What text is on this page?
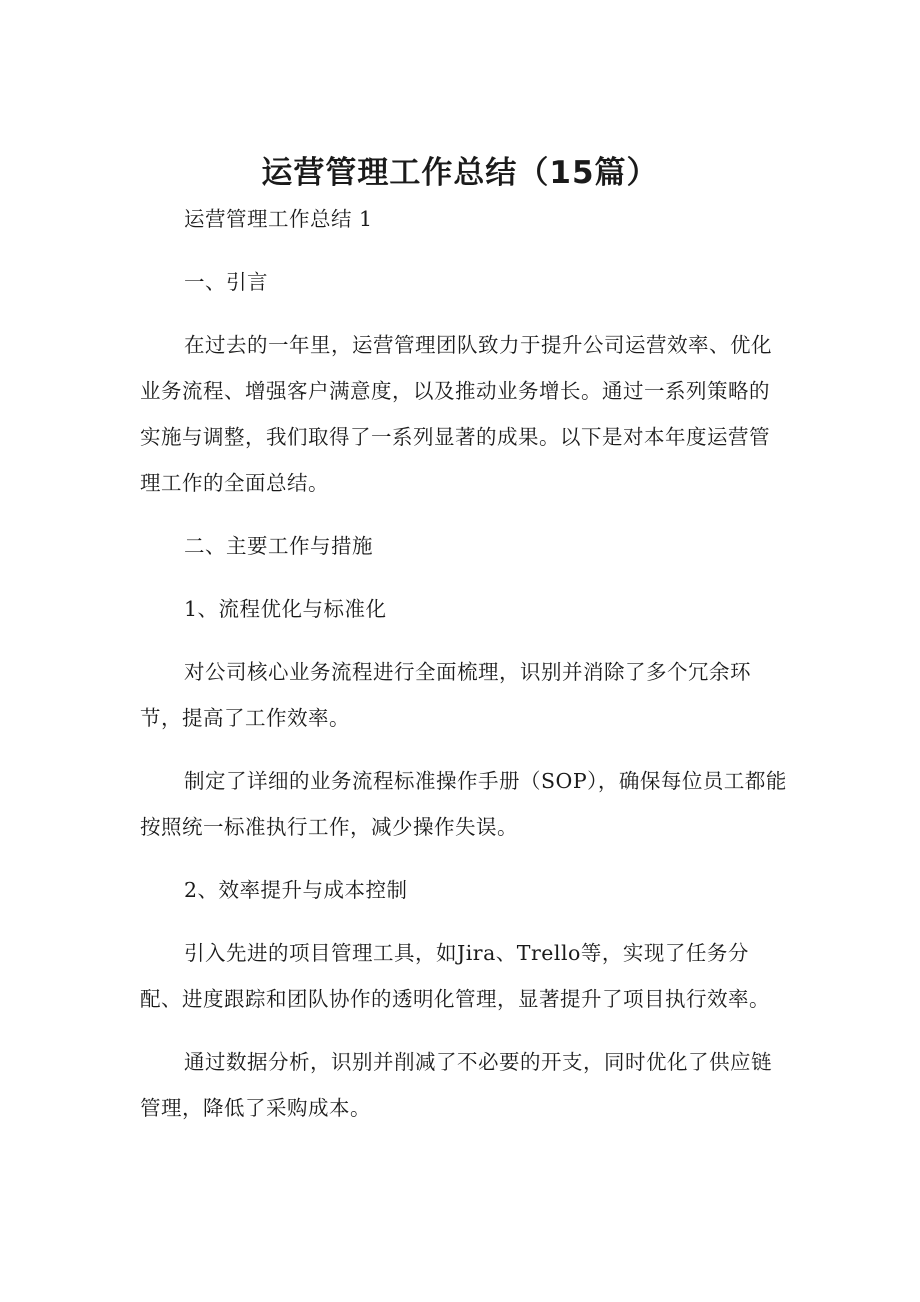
运营管理工作总结（15篇）

运营管理工作总结 1

一、引言

在过去的一年里，运营管理团队致力于提升公司运营效率、优化业务流程、增强客户满意度，以及推动业务增长。通过一系列策略的实施与调整，我们取得了一系列显著的成果。以下是对本年度运营管理工作的全面总结。

二、主要工作与措施

1、流程优化与标准化

对公司核心业务流程进行全面梳理，识别并消除了多个冗余环节，提高了工作效率。

制定了详细的业务流程标准操作手册（SOP），确保每位员工都能按照统一标准执行工作，减少操作失误。

2、效率提升与成本控制

引入先进的项目管理工具，如Jira、Trello等，实现了任务分配、进度跟踪和团队协作的透明化管理，显著提升了项目执行效率。

通过数据分析，识别并削减了不必要的开支，同时优化了供应链管理，降低了采购成本。
